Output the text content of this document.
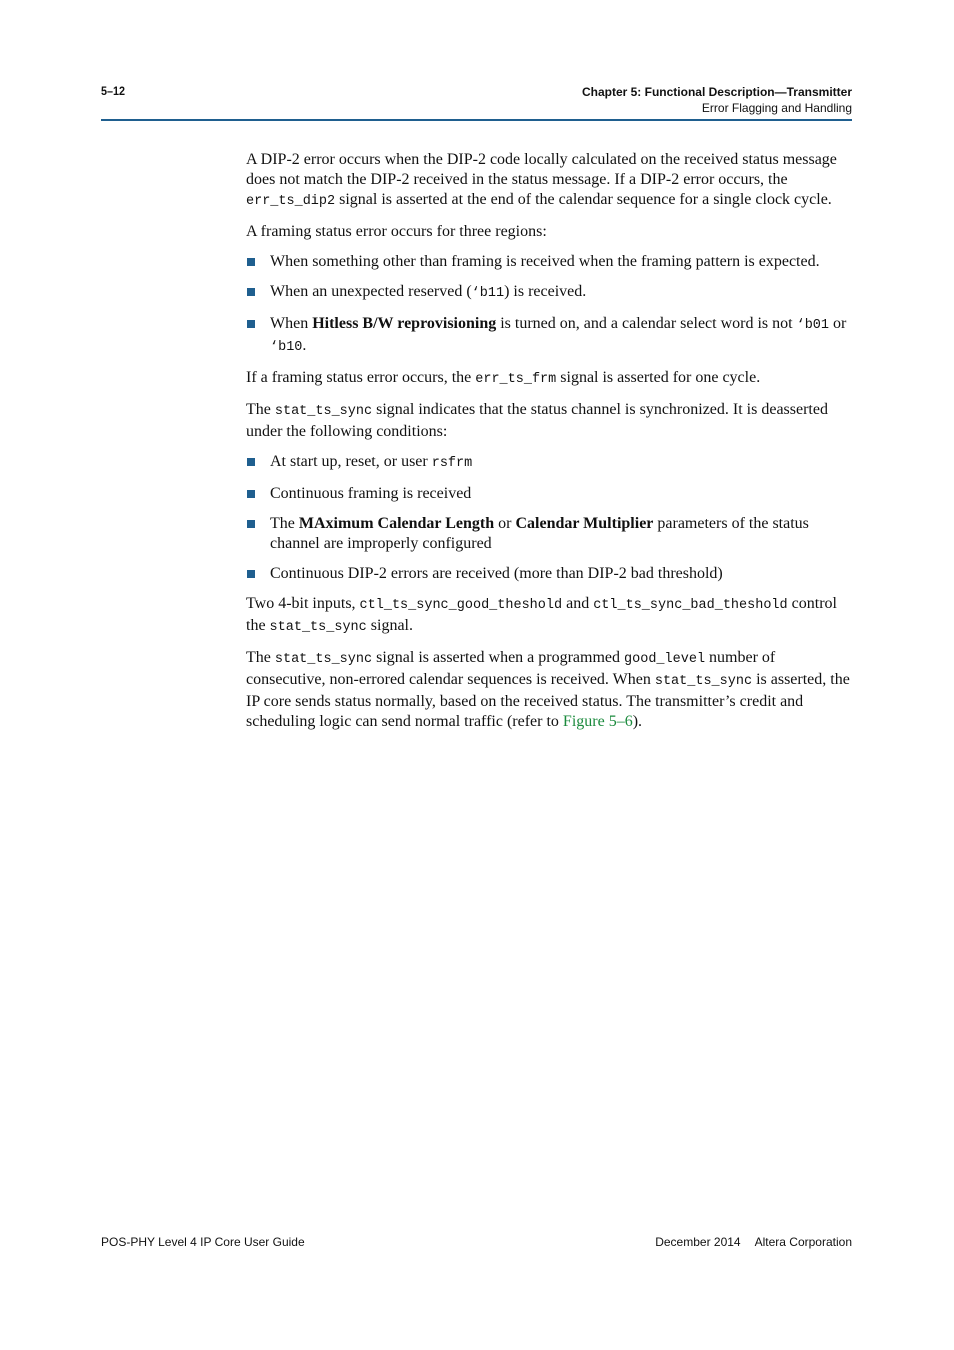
5–12	Chapter 5: Functional Description—Transmitter
Error Flagging and Handling

A DIP-2 error occurs when the DIP-2 code locally calculated on the received status message does not match the DIP-2 received in the status message. If a DIP-2 error occurs, the err_ts_dip2 signal is asserted at the end of the calendar sequence for a single clock cycle.

A framing status error occurs for three regions:

When something other than framing is received when the framing pattern is expected.
When an unexpected reserved (‘b11) is received.
When Hitless B/W reprovisioning is turned on, and a calendar select word is not ‘b01 or ‘b10.

If a framing status error occurs, the err_ts_frm signal is asserted for one cycle.

The stat_ts_sync signal indicates that the status channel is synchronized. It is deasserted under the following conditions:

At start up, reset, or user rsfrm
Continuous framing is received
The MAximum Calendar Length or Calendar Multiplier parameters of the status channel are improperly configured
Continuous DIP-2 errors are received (more than DIP-2 bad threshold)

Two 4-bit inputs, ctl_ts_sync_good_theshold and ctl_ts_sync_bad_theshold control the stat_ts_sync signal.

The stat_ts_sync signal is asserted when a programmed good_level number of consecutive, non-errored calendar sequences is received. When stat_ts_sync is asserted, the IP core sends status normally, based on the received status. The transmitter’s credit and scheduling logic can send normal traffic (refer to Figure 5–6).

POS-PHY Level 4 IP Core User Guide	December 2014 Altera Corporation
